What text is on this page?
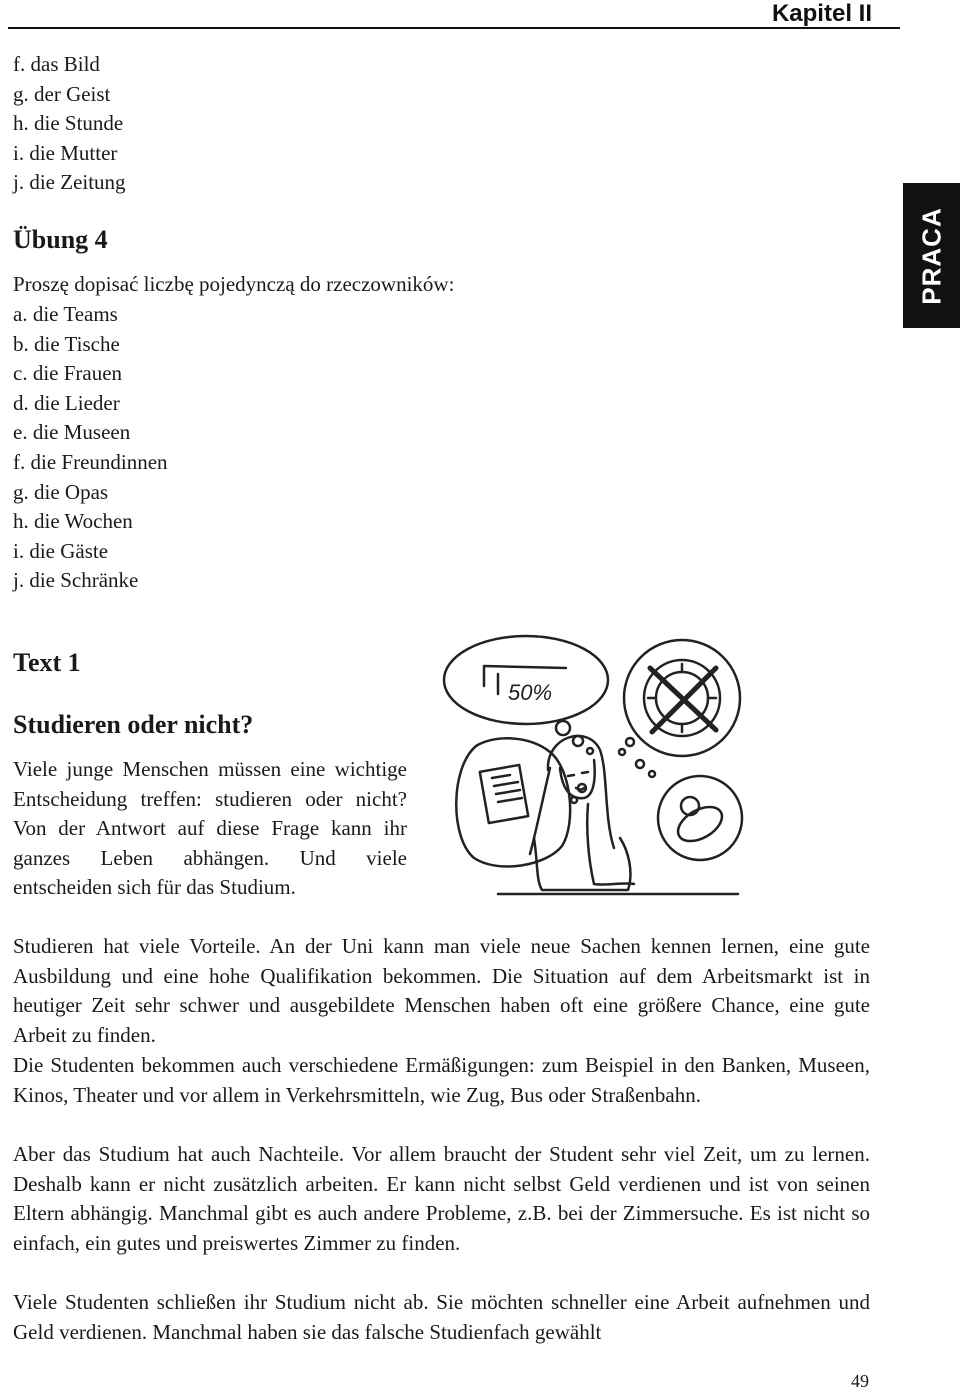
Kapitel II
PRACA
f. das Bild
g. der Geist
h. die Stunde
i. die Mutter
j. die Zeitung
Übung 4
Proszę dopisać liczbę pojedynczą do rzeczowników:
a. die Teams
b. die Tische
c. die Frauen
d. die Lieder
e. die Museen
f. die Freundinnen
g. die Opas
h. die Wochen
i. die Gäste
j. die Schränke
Text 1
Studieren oder nicht?

Viele junge Menschen müssen eine wichtige Entscheidung treffen: studieren oder nicht? Von der Antwort auf diese Frage kann ihr ganzes Leben abhängen. Und viele entscheiden sich für das Studium.

50%

Studieren hat viele Vorteile. An der Uni kann man viele neue Sachen kennen lernen, eine gute Ausbildung und eine hohe Qualifikation bekommen. Die Situation auf dem Arbeitsmarkt ist in heutiger Zeit sehr schwer und ausgebildete Menschen haben oft eine größere Chance, eine gute Arbeit zu finden.

Die Studenten bekommen auch verschiedene Ermäßigungen: zum Beispiel in den Banken, Museen, Kinos, Theater und vor allem in Verkehrsmitteln, wie Zug, Bus oder Straßenbahn.

Aber das Studium hat auch Nachteile. Vor allem braucht der Student sehr viel Zeit, um zu lernen. Deshalb kann er nicht zusätzlich arbeiten. Er kann nicht selbst Geld verdienen und ist von seinen Eltern abhängig. Manchmal gibt es auch andere Probleme, z.B. bei der Zimmersuche. Es ist nicht so einfach, ein gutes und preiswertes Zimmer zu finden.

Viele Studenten schließen ihr Studium nicht ab. Sie möchten schneller eine Arbeit aufnehmen und Geld verdienen. Manchmal haben sie das falsche Studienfach gewählt

49
